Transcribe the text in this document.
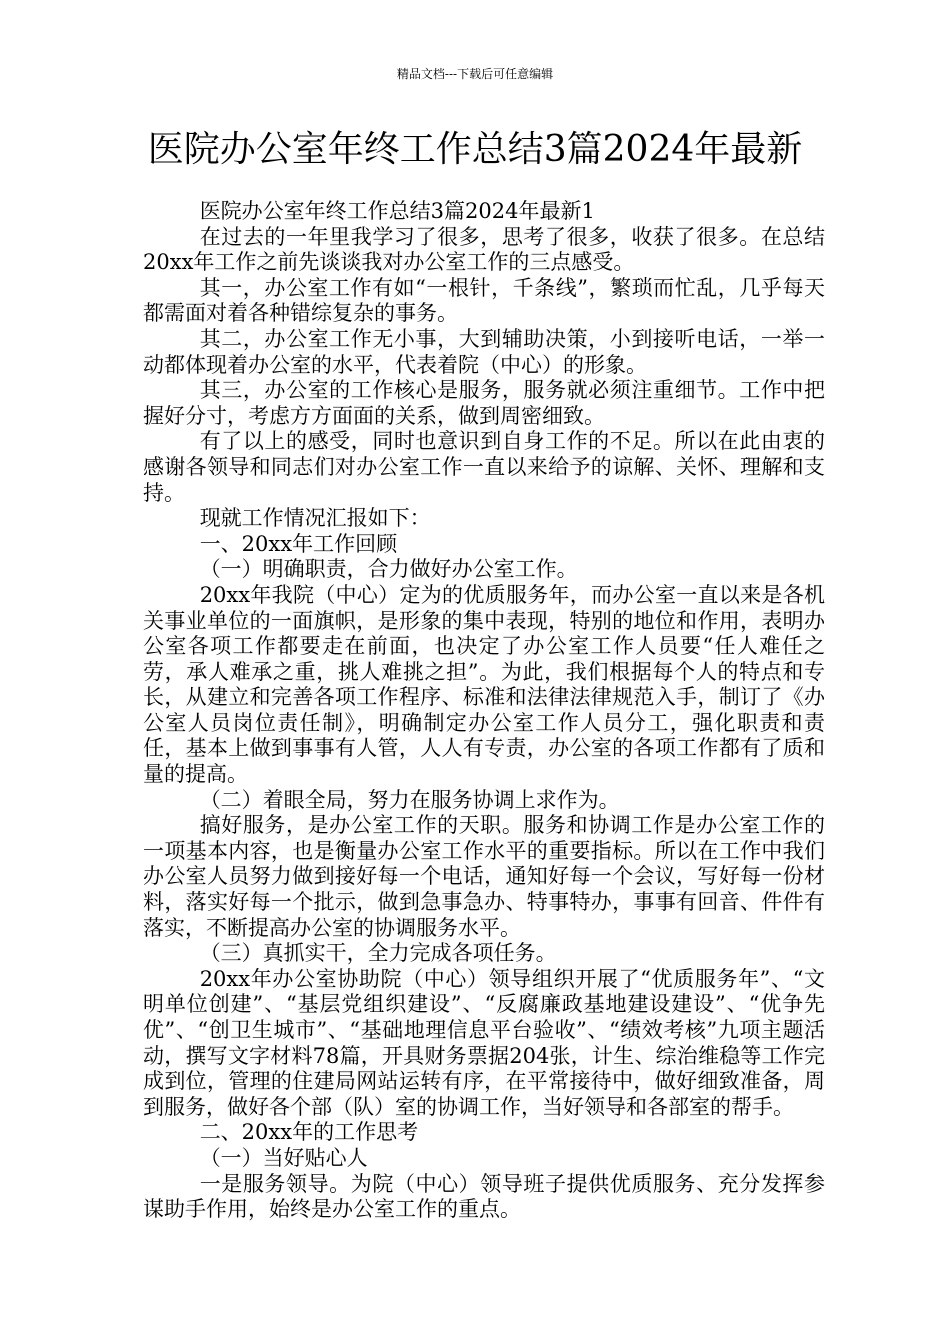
精品文档---下载后可任意编辑
医院办公室年终工作总结3篇2024年最新

医院办公室年终工作总结3篇2024年最新1

在过去的一年里我学习了很多，思考了很多，收获了很多。在总结20xx年工作之前先谈谈我对办公室工作的三点感受。

其一，办公室工作有如“一根针，千条线”，繁琐而忙乱，几乎每天都需面对着各种错综复杂的事务。

其二，办公室工作无小事，大到辅助决策，小到接听电话，一举一动都体现着办公室的水平，代表着院（中心）的形象。

其三，办公室的工作核心是服务，服务就必须注重细节。工作中把握好分寸，考虑方方面面的关系，做到周密细致。

有了以上的感受，同时也意识到自身工作的不足。所以在此由衷的感谢各领导和同志们对办公室工作一直以来给予的谅解、关怀、理解和支持。

现就工作情况汇报如下：

一、20xx年工作回顾

（一）明确职责，合力做好办公室工作。

20xx年我院（中心）定为的优质服务年，而办公室一直以来是各机关事业单位的一面旗帜，是形象的集中表现，特别的地位和作用，表明办公室各项工作都要走在前面，也决定了办公室工作人员要“任人难任之劳，承人难承之重，挑人难挑之担”。为此，我们根据每个人的特点和专长，从建立和完善各项工作程序、标准和法律法律规范入手，制订了《办公室人员岗位责任制》，明确制定办公室工作人员分工，强化职责和责任，基本上做到事事有人管，人人有专责，办公室的各项工作都有了质和量的提高。

（二）着眼全局，努力在服务协调上求作为。

搞好服务，是办公室工作的天职。服务和协调工作是办公室工作的一项基本内容，也是衡量办公室工作水平的重要指标。所以在工作中我们办公室人员努力做到接好每一个电话，通知好每一个会议，写好每一份材料，落实好每一个批示，做到急事急办、特事特办，事事有回音、件件有落实，不断提高办公室的协调服务水平。

（三）真抓实干，全力完成各项任务。

20xx年办公室协助院（中心）领导组织开展了“优质服务年”、“文明单位创建”、“基层党组织建设”、“反腐廉政基地建设建设”、“优争先优”、“创卫生城市”、“基础地理信息平台验收”、“绩效考核”九项主题活动，撰写文字材料78篇，开具财务票据204张，计生、综治维稳等工作完成到位，管理的住建局网站运转有序，在平常接待中，做好细致准备，周到服务，做好各个部（队）室的协调工作，当好领导和各部室的帮手。

二、20xx年的工作思考

（一）当好贴心人

一是服务领导。为院（中心）领导班子提供优质服务、充分发挥参谋助手作用，始终是办公室工作的重点。
